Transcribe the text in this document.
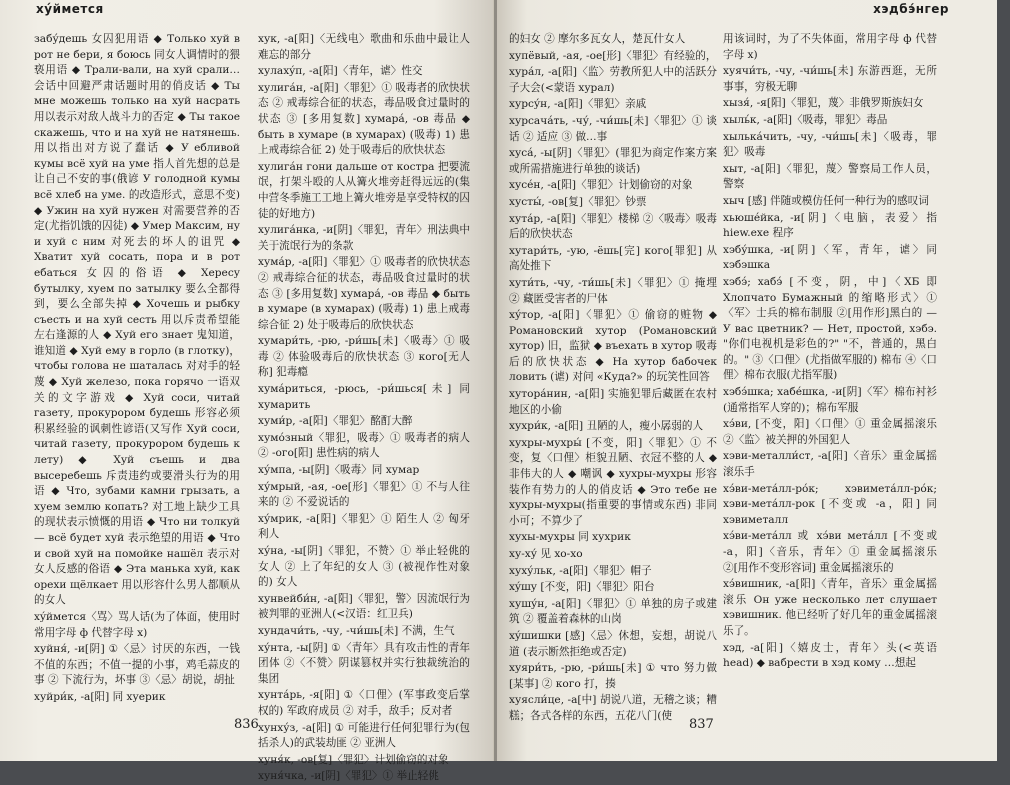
хýймется

забу́дешь 女囚犯用语 ◆ Только хуй в рот не бери, я боюсь 同女人调情时的猥亵用语 ◆ Трали-вали, на хуй срали… 会话中回避严肃话题时用的俏皮话 ◆ Ты мне можешь только на хуй насрать 用以表示对敌人战斗力的否定 ◆ Ты такое скажешь, что и на хуй не натянешь. 用以指出对方说了蠢话 ◆ У ебливой кумы всё хуй на уме 指人首先想的总是让自己不安的事(俄谚 У голодной кумы всё хлеб на уме. 的改造形式，意思不变) ◆ Ужин на хуй нужен 对需要营养的否定(尤指饥饿的囚徒) ◆ Умер Максим, ну и хуй с ним 对死去的坏人的诅咒 ◆ Хватит хуй сосать, пора и в рот ебаться 女囚的俗语 ◆ Хересу бутылку, хуем по затылку 要么全都得到，要么全部失掉 ◆ Хочешь и рыбку съесть и на хуй сесть 用以斥责希望能左右逢源的人 ◆ Хуй его знает 鬼知道，谁知道 ◆ Хуй ему в горло (в глотку)，чтобы голова не шаталась 对对手的轻蔑 ◆ Хуй железо, пока горячо 一语双关的文字游戏 ◆ Хуй соси, читай газету, прокурором будешь 形容必须积累经验的讽刺性谚语(又写作 Хуй соси, читай газету, прокурором будешь к лету) ◆ Хуй съешь и два высеребешь 斥责违约或要滑头行为的用语 ◆ Что, зубами камни грызать, а хуем землю копать? 对工地上缺少工具的现状表示愤慨的用语 ◆ Что ни толкуй — всё будет хуй 表示绝望的用语 ◆ Что и свой хуй на помойке нашёл 表示对女人反感的俗语 ◆ Эта манька хуй, как орехи щёлкает 用以形容什么男人都顺从的女人

хýймется〈骂〉骂人话(为了体面，使用时常用字母 ф 代替字母 х)

хуйня́, -и[阴] ①〈忌〉讨厌的东西，一钱不值的东西；不值一提的小事，鸡毛蒜皮的事 ② 下流行为，坏事 ③〈忌〉胡说，胡扯

хуйри́к, -а[阳] 同 хуерик

хук, -а[阳]〈无线电〉歌曲和乐曲中最让人难忘的部分

хулахýп, -а[阳]〈青年，谑〉性交

хулига́н, -а[阳]〈罪犯〉① 吸毒者的欣快状态 ② 戒毒综合征的状态，毒品吸食过量时的状态 ③ [多用复数] хумара́, -ов 毒品 ◆ быть в хумаре (в хумарах) (吸毒) 1) 患上戒毒综合征 2) 处于吸毒后的欣快状态

хулига́н гони дальше от костра 把要流氓，打架斗殴的人从篝火堆旁赶得远远的(集中营冬季施工工地上篝火堆旁是享受特权的囚徒的好地方)

хулига́нка, -и[阴]〈罪犯，青年〉刑法典中关于流氓行为的条款

хума́р, -а[阳]〈罪犯〉① 吸毒者的欣快状态 ② 戒毒综合征的状态，毒品吸食过量时的状态 ③ [多用复数] хумара́, -ов 毒品 ◆ быть в хумаре (в хумарах) (吸毒) 1) 患上戒毒综合征 2) 处于吸毒后的欣快状态

хумари́ть, -рю, -ри́шь[未]〈吸毒〉① 吸毒 ② 体验吸毒后的欣快状态 ③ кого[无人称] 犯毒瘾

хума́риться, -рюсь, -ри́шься[未] 同 хумарить

хуми́р, -а[阳]〈罪犯〉酩酊大醉

хумо́зный〈罪犯，吸毒〉① 吸毒者的病人 ② -ого[阳] 患性病的病人

ху́мпа, -ы[阴]〈吸毒〉同 хумар

ху́мрый, -ая, -ое[形]〈罪犯〉① 不与人往来的 ② 不爱说话的

ху́мрик, -а[阳]〈罪犯〉① 陌生人 ② 匈牙利人

ху́на, -ы[阴]〈罪犯，不赞〉① 举止轻佻的女人 ② 上了年纪的女人 ③ (被视作性对象的) 女人

хунвейби́н, -а[阳]〈罪犯，警〉因流氓行为被判罪的亚洲人(<汉语：红卫兵)

хундачи́ть, -чу, -чи́шь[未] 不满，生气

ху́нта, -ы[阴] ①〈青年〉具有攻击性的青年团体 ②〈不赞〉阴谋篡权并实行独裁统治的集团

хунта́рь, -я[阳] ①〈口俚〉(军事政变后掌权的) 军政府成员 ② 对手，敌手；反对者

хунху́з, -а[阳] ① 可能进行任何犯罪行为(包括杀人)的武装劫匪 ② 亚洲人

хуня́к, -ов[复]〈罪犯〉计划偷窃的对象

хуня́чка, -и[阴]〈罪犯〉① 举止轻佻

836
хэдбэ́нгер

的妇女 ② 摩尔多瓦女人，楚瓦什女人

хупёвый, -ая, -ое[形]〈罪犯〉有经验的，

хура́л, -а[阳]〈监〉劳教所犯人中的活跃分子大会(<蒙语 хурал)

хурсу́н, -а[阳]〈罪犯〉亲戚

хурсача́ть, -чу́, -чи́шь[未]〈罪犯〉① 谈话 ② 适应 ③ 做…事

хуса́, -ы[阴]〈罪犯〉(罪犯为商定作案方案或所需措施进行单独的谈话)

хусе́н, -а[阳]〈罪犯〉计划偷窃的对象

хусты́, -ов[复]〈罪犯〉钞票

хута́р, -а[阳]〈罪犯〉楼梯 ②〈吸毒〉吸毒后的欣快状态

хутари́ть, -ую, -ёшь[完] кого[罪犯] 从高处推下

хути́ть, -чу, -ти́шь[未]〈罪犯〉① 掩埋 ② 藏匿受害者的尸体

ху́тор, -а[阳]〈罪犯〉① 偷窃的赃物 ◆ Романовский хутор (Романовский хутор) 旧，监狱 ◆ въехать в хутор 吸毒后的欣快状态 ◆ На хутор бабочек ловить (谑) 对问 «Куда?» 的玩笑性回答

хутора́нин, -а[阳] 实施犯罪后藏匿在农村地区的小偷

хухри́к, -а[阳] 丑陋的人，瘦小孱弱的人

хухры-мухры́ [不变，阳]〈罪犯〉① 不变，复〈口俚〉柜貌丑陋、衣冠不整的人 ◆ 非伟大的人 ◆ 嘲讽 ◆ хухры-мухры 形容装作有势力的人的俏皮话 ◆ Это тебе не хухры-мухры(指重要的事情或东西) 非同小可；不算少了

хухы-мухры 同 хухрик

ху-ху́ 见 хо-хо

хуху́льк, -а[阳]〈罪犯〉帽子

хýшу [不变，阳]〈罪犯〉阳台

хушу́н, -а[阳]〈罪犯〉① 单独的房子或建筑 ② 覆盖着森林的山岗

хýшишки [感]〈忌〉休想，妄想，胡说八道 (表示断然拒绝或否定)

хуяри́ть, -рю, -ри́шь[未] ① что 努力做 [某事] ② кого 打，揍

хуясли́це, -а[中] 胡说八道，无稽之谈；糟糕；各式各样的东西，五花八门(使

用该词时，为了不失体面，常用字母 ф 代替字母 х)

хуячи́ть, -чу, -чи́шь[未] 东游西逛，无所事事，穷极无聊

хызя́, -я[阳]〈罪犯，蔑〉非俄罗斯族妇女

хыль́к, -а[阳]〈吸毒，罪犯〉毒品

хылька́чить, -чу, -чи́шь[未]〈吸毒，罪犯〉吸毒

хыт, -а[阳]〈罪犯，蔑〉警察局工作人员，警察

хыч [感] 伴随或模仿任何一种行为的感叹词

хьюше́йка, -и[阴]〈电脑，表爱〉指 hiew.exe 程序

хэбу́шка, -и[阴]〈军，青年，谑〉同 хэбэшка

хэбэ́; хабэ́ [不变，阴，中]〈ХБ 即 Хлопчато Бумажный 的缩略形式〉①〈军〉士兵的棉布制服 ②[用作形]黑白的 — У вас цветник? — Нет, простой, хэбэ. "你们电视机是彩色的?" "不，普通的，黑白的。" ③〈口俚〉(尤指做军服的) 棉布 ④〈口俚〉棉布衣服(尤指军服)

хэбэ́шка; хабе́шка, -и[阴]〈军〉棉布衬衫(通常指军人穿的)；棉布军服

хэ́ви, [不变，阳]〈口俚〉① 重金属摇滚乐 ②〈监〉被关押的外国犯人

хэви-металли́ст, -а[阳]〈音乐〉重金属摇滚乐手

хэ́ви-мета́лл-ро́к; хэвимета́лл-ро́к; хэви-мета́лл-рок [不变或 -а，阳] 同 хэвиметалл

хэ́ви-мета́лл 或 хэ́ви мета́лл [不变或 -а，阳]〈音乐，青年〉① 重金属摇滚乐 ②[用作不变形容词] 重金属摇滚乐的

хэ́вишник, -а[阳]〈青年，音乐〉重金属摇滚乐 Он уже несколько лет слушает хэвишник. 他已经听了好几年的重金属摇滚乐了。

хэд, -а[阳]〈嬉皮士，青年〉头(<英语 head) ◆ вабрести в хэд кому …想起

837
